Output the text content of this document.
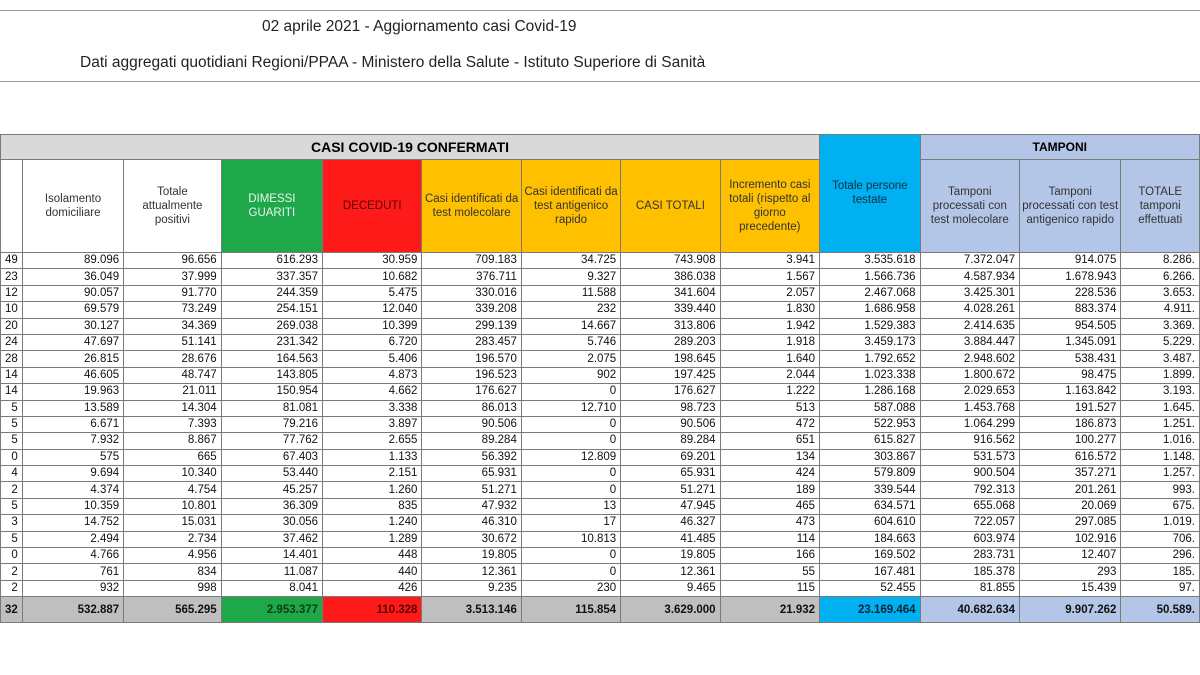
02 aprile 2021 - Aggiornamento casi Covid-19
Dati aggregati quotidiani Regioni/PPAA - Ministero della Salute - Istituto Superiore di Sanità
CASI COVID-19 CONFERMATI									Totale persone testate	TAMPONI		
	Isolamento domiciliare	Totale attualmente positivi	DIMESSI GUARITI	DECEDUTI	Casi identificati da test molecolare	Casi identificati da test antigenico rapido	CASI TOTALI	Incremento casi totali (rispetto al giorno precedente)		Tamponi processati con test molecolare	Tamponi processati con test antigenico rapido	TOTALE tamponi effettuati
49	89.096	96.656	616.293	30.959	709.183	34.725	743.908	3.941	3.535.618	7.372.047	914.075	8.286.
23	36.049	37.999	337.357	10.682	376.711	9.327	386.038	1.567	1.566.736	4.587.934	1.678.943	6.266.
12	90.057	91.770	244.359	5.475	330.016	11.588	341.604	2.057	2.467.068	3.425.301	228.536	3.653.
10	69.579	73.249	254.151	12.040	339.208	232	339.440	1.830	1.686.958	4.028.261	883.374	4.911.
20	30.127	34.369	269.038	10.399	299.139	14.667	313.806	1.942	1.529.383	2.414.635	954.505	3.369.
24	47.697	51.141	231.342	6.720	283.457	5.746	289.203	1.918	3.459.173	3.884.447	1.345.091	5.229.
28	26.815	28.676	164.563	5.406	196.570	2.075	198.645	1.640	1.792.652	2.948.602	538.431	3.487.
14	46.605	48.747	143.805	4.873	196.523	902	197.425	2.044	1.023.338	1.800.672	98.475	1.899.
14	19.963	21.011	150.954	4.662	176.627	0	176.627	1.222	1.286.168	2.029.653	1.163.842	3.193.
5	13.589	14.304	81.081	3.338	86.013	12.710	98.723	513	587.088	1.453.768	191.527	1.645.
5	6.671	7.393	79.216	3.897	90.506	0	90.506	472	522.953	1.064.299	186.873	1.251.
5	7.932	8.867	77.762	2.655	89.284	0	89.284	651	615.827	916.562	100.277	1.016.
0	575	665	67.403	1.133	56.392	12.809	69.201	134	303.867	531.573	616.572	1.148.
4	9.694	10.340	53.440	2.151	65.931	0	65.931	424	579.809	900.504	357.271	1.257.
2	4.374	4.754	45.257	1.260	51.271	0	51.271	189	339.544	792.313	201.261	993.
5	10.359	10.801	36.309	835	47.932	13	47.945	465	634.571	655.068	20.069	675.
3	14.752	15.031	30.056	1.240	46.310	17	46.327	473	604.610	722.057	297.085	1.019.
5	2.494	2.734	37.462	1.289	30.672	10.813	41.485	114	184.663	603.974	102.916	706.
0	4.766	4.956	14.401	448	19.805	0	19.805	166	169.502	283.731	12.407	296.
2	761	834	11.087	440	12.361	0	12.361	55	167.481	185.378	293	185.
2	932	998	8.041	426	9.235	230	9.465	115	52.455	81.855	15.439	97.
32	532.887	565.295	2.953.377	110.328	3.513.146	115.854	3.629.000	21.932	23.169.464	40.682.634	9.907.262	50.589.
